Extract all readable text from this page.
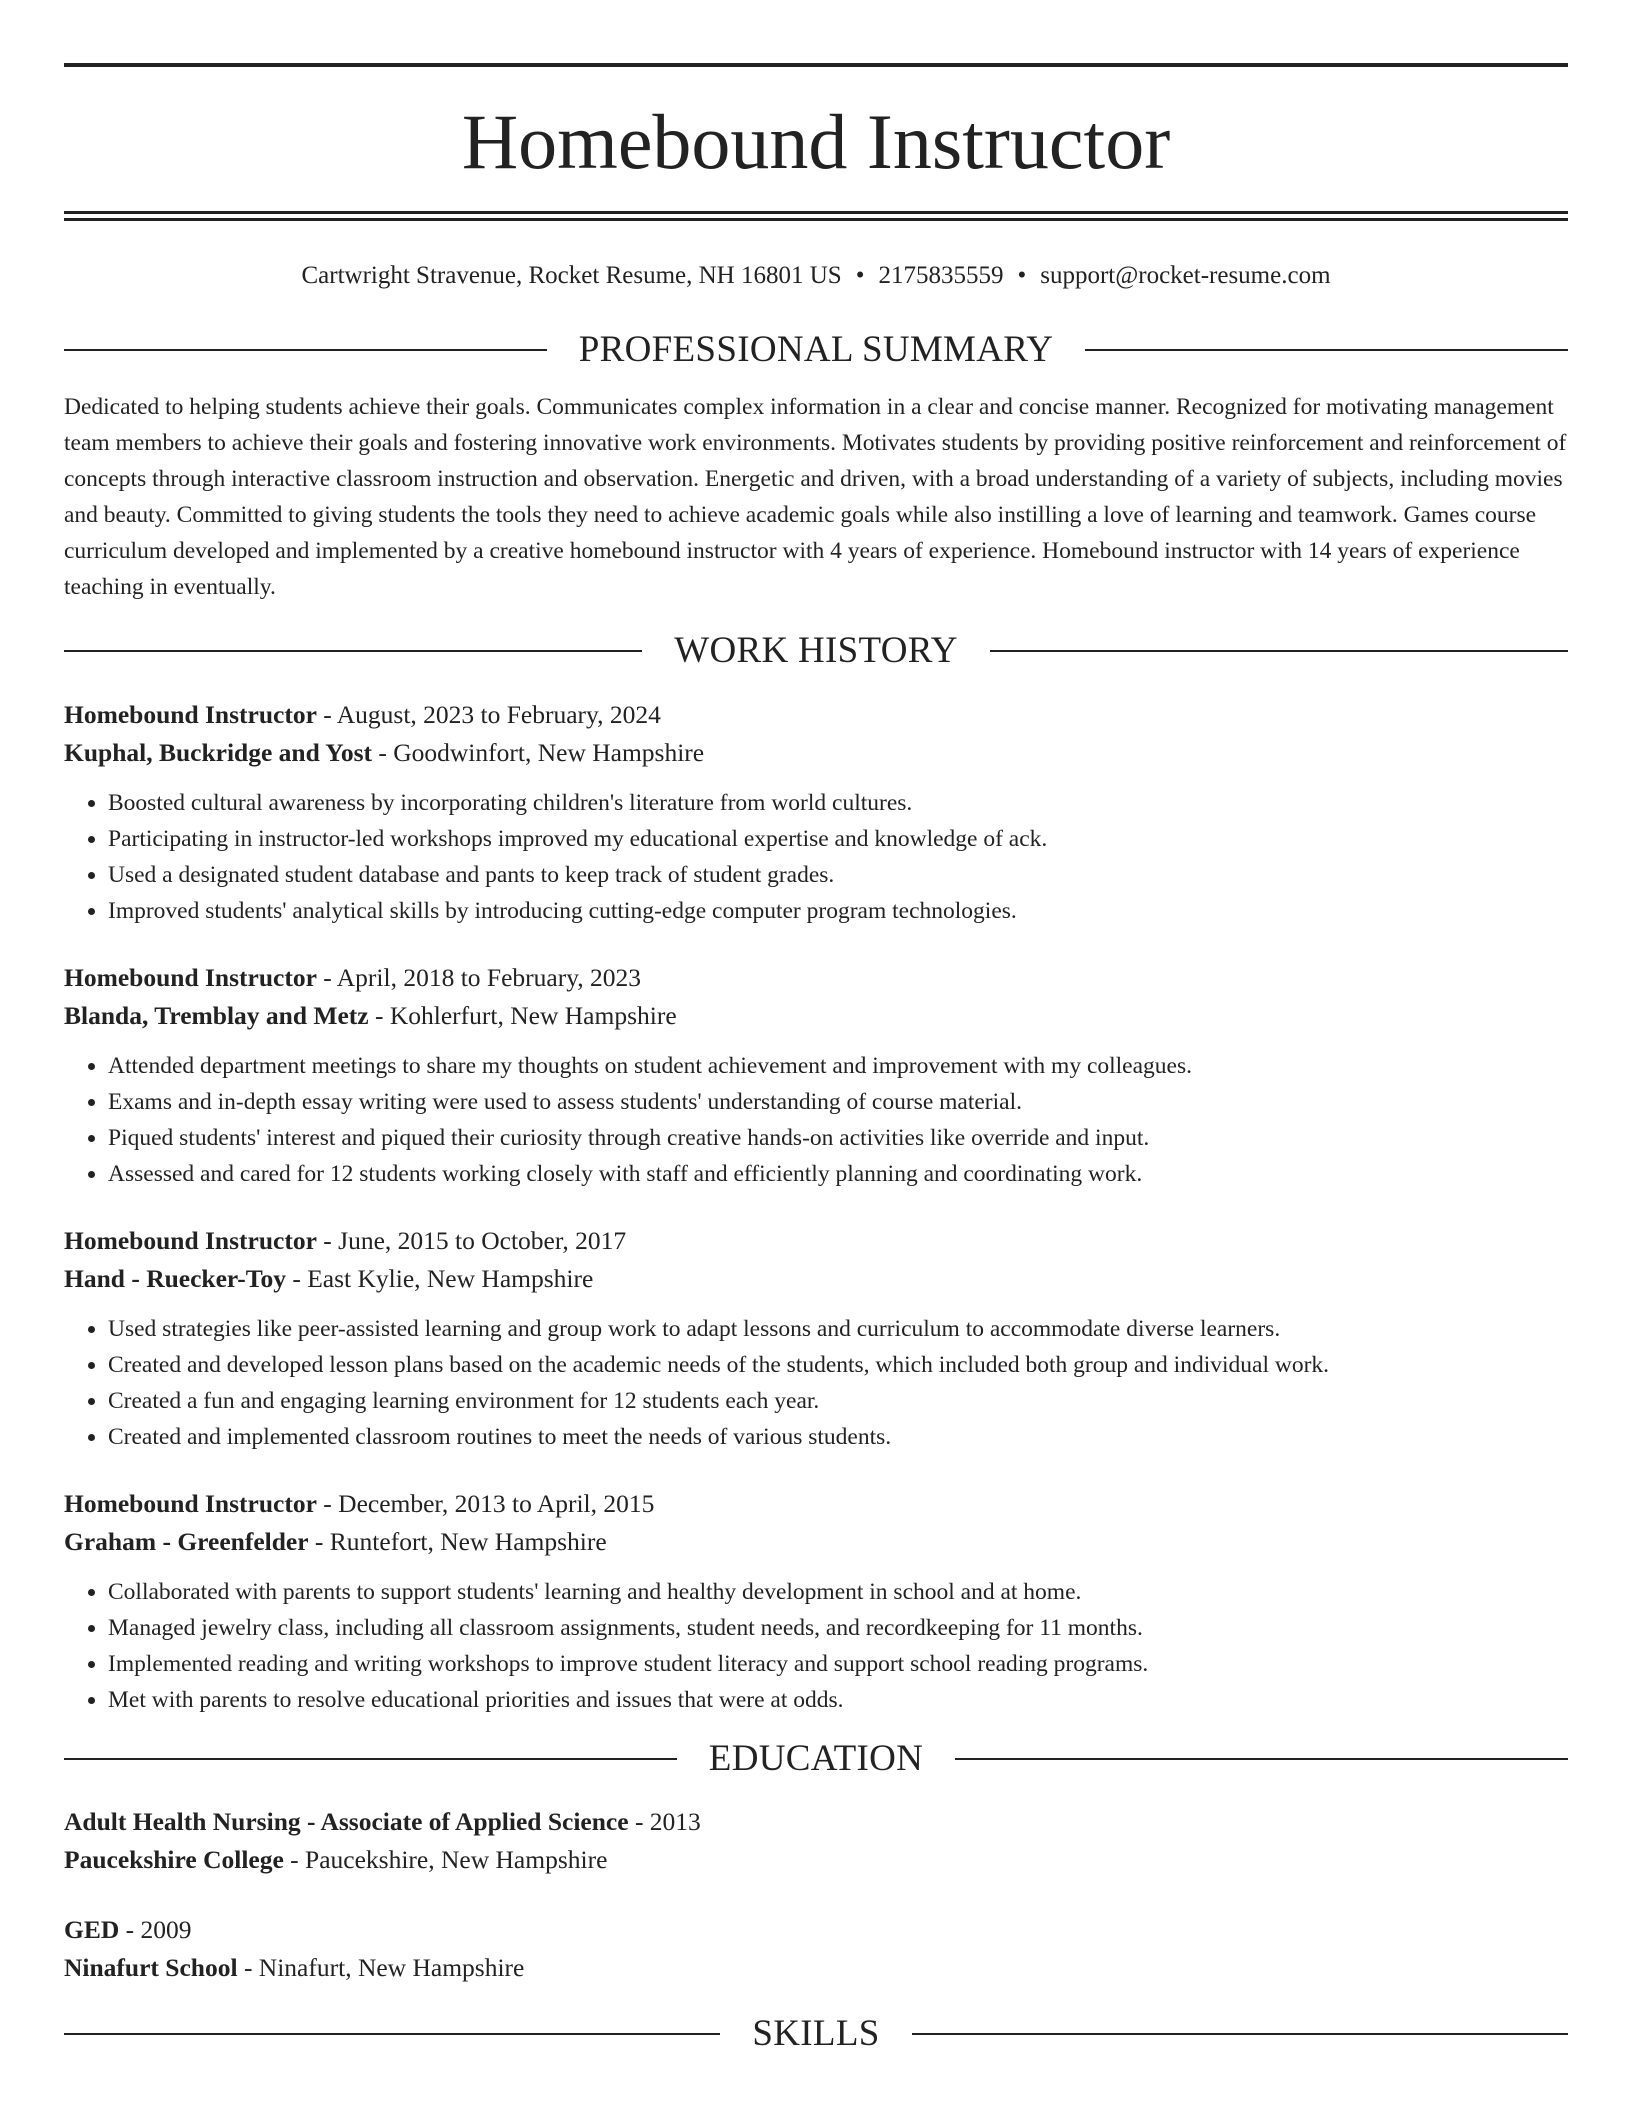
Homebound Instructor
Cartwright Stravenue, Rocket Resume, NH 16801 US • 2175835559 • support@rocket-resume.com
PROFESSIONAL SUMMARY

Dedicated to helping students achieve their goals. Communicates complex information in a clear and concise manner. Recognized for motivating management team members to achieve their goals and fostering innovative work environments. Motivates students by providing positive reinforcement and reinforcement of concepts through interactive classroom instruction and observation. Energetic and driven, with a broad understanding of a variety of subjects, including movies and beauty. Committed to giving students the tools they need to achieve academic goals while also instilling a love of learning and teamwork. Games course curriculum developed and implemented by a creative homebound instructor with 4 years of experience. Homebound instructor with 14 years of experience teaching in eventually.

WORK HISTORY
Homebound Instructor - August, 2023 to February, 2024
Kuphal, Buckridge and Yost - Goodwinfort, New Hampshire
• Boosted cultural awareness by incorporating children's literature from world cultures.
• Participating in instructor-led workshops improved my educational expertise and knowledge of ack.
• Used a designated student database and pants to keep track of student grades.
• Improved students' analytical skills by introducing cutting-edge computer program technologies.
Homebound Instructor - April, 2018 to February, 2023
Blanda, Tremblay and Metz - Kohlerfurt, New Hampshire
• Attended department meetings to share my thoughts on student achievement and improvement with my colleagues.
• Exams and in-depth essay writing were used to assess students' understanding of course material.
• Piqued students' interest and piqued their curiosity through creative hands-on activities like override and input.
• Assessed and cared for 12 students working closely with staff and efficiently planning and coordinating work.
Homebound Instructor - June, 2015 to October, 2017
Hand - Ruecker-Toy - East Kylie, New Hampshire
• Used strategies like peer-assisted learning and group work to adapt lessons and curriculum to accommodate diverse learners.
• Created and developed lesson plans based on the academic needs of the students, which included both group and individual work.
• Created a fun and engaging learning environment for 12 students each year.
• Created and implemented classroom routines to meet the needs of various students.
Homebound Instructor - December, 2013 to April, 2015
Graham - Greenfelder - Runtefort, New Hampshire
• Collaborated with parents to support students' learning and healthy development in school and at home.
• Managed jewelry class, including all classroom assignments, student needs, and recordkeeping for 11 months.
• Implemented reading and writing workshops to improve student literacy and support school reading programs.
• Met with parents to resolve educational priorities and issues that were at odds.
EDUCATION
Adult Health Nursing - Associate of Applied Science - 2013
Paucekshire College - Paucekshire, New Hampshire
GED - 2009
Ninafurt School - Ninafurt, New Hampshire
SKILLS
